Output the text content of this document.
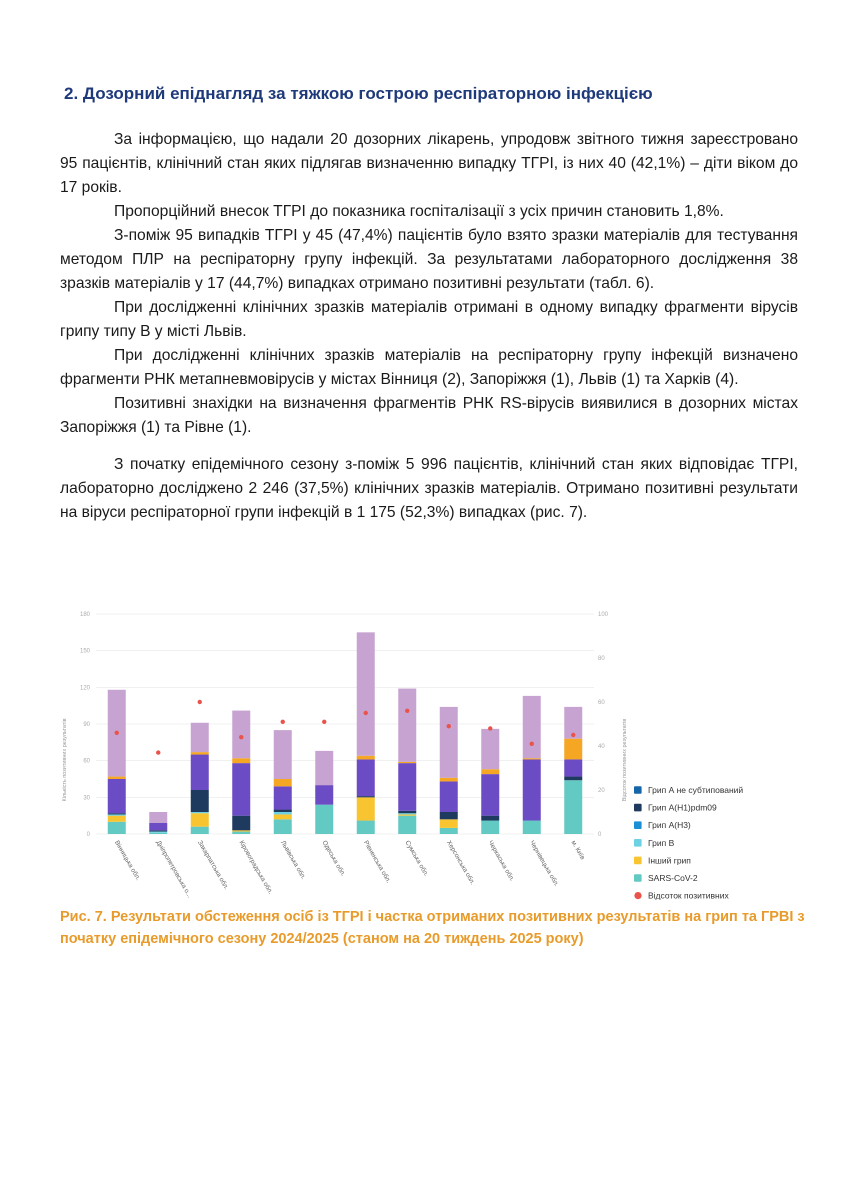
2. Дозорний епіднагляд за тяжкою гострою респіраторною інфекцією

За інформацією, що надали 20 дозорних лікарень, упродовж звітного тижня зареєстровано 95 пацієнтів, клінічний стан яких підлягав визначенню випадку ТГРІ, із них 40 (42,1%) – діти віком до 17 років.

Пропорційний внесок ТГРІ до показника госпіталізації з усіх причин становить 1,8%.

З-поміж 95 випадків ТГРІ у 45 (47,4%) пацієнтів було взято зразки матеріалів для тестування методом ПЛР на респіраторну групу інфекцій. За результатами лабораторного дослідження 38 зразків матеріалів у 17 (44,7%) випадках отримано позитивні результати (табл. 6).

При дослідженні клінічних зразків матеріалів отримані в одному випадку фрагменти вірусів грипу типу В у місті Львів.

При дослідженні клінічних зразків матеріалів на респіраторну групу інфекцій визначено фрагменти РНК метапневмовірусів у містах Вінниця (2), Запоріжжя (1), Львів (1) та Харків (4).

Позитивні знахідки на визначення фрагментів РНК RS-вірусів виявилися в дозорних містах Запоріжжя (1) та Рівне (1).

З початку епідемічного сезону з-поміж 5 996 пацієнтів, клінічний стан яких відповідає ТГРІ, лабораторно досліджено 2 246 (37,5%) клінічних зразків матеріалів. Отримано позитивні результати на віруси респіраторної групи інфекцій в 1 175 (52,3%) випадках (рис. 7).

0
30
60
90
120
150
180
0
20
40
60
80
100
Кількість позитивних результатів	Відсоток позитивних результатів
Вінницька обл. Дніпропетровська о... Закарпатська обл. Кіровоградська обл. Львівська обл. Одеська обл. Рівненська обл. Сумська обл. Херсонська обл. Черкаська обл. Чернівецька обл. м. Київ
Грип А не субтипований
Грип A(H1)pdm09
Грип A(H3)
Грип В
Інший грип
SARS-CoV-2
Відсоток позитивних
Рис. 7. Результати обстеження осіб із ТГРІ і частка отриманих позитивних результатів на грип та ГРВІ з початку епідемічного сезону 2024/2025 (станом на 20 тиждень 2025 року)
